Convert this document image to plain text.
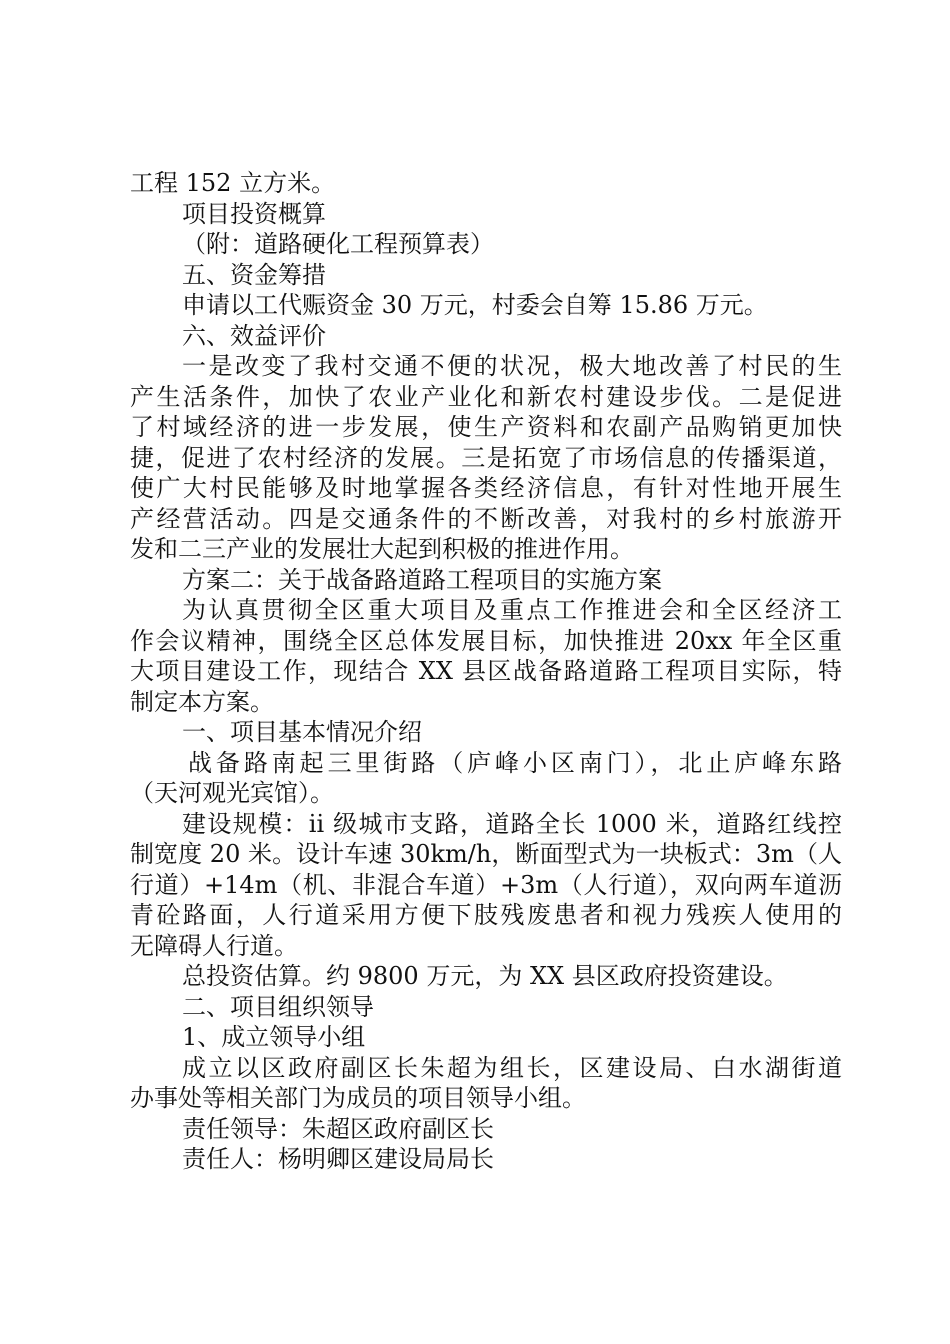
工程 152 立方米。
项目投资概算
（附：道路硬化工程预算表）
五、资金筹措
申请以工代赈资金 30 万元，村委会自筹 15.86 万元。
六、效益评价
一是改变了我村交通不便的状况，极大地改善了村民的生
产生活条件，加快了农业产业化和新农村建设步伐。二是促进
了村域经济的进一步发展，使生产资料和农副产品购销更加快
捷，促进了农村经济的发展。三是拓宽了市场信息的传播渠道，
使广大村民能够及时地掌握各类经济信息，有针对性地开展生
产经营活动。四是交通条件的不断改善，对我村的乡村旅游开
发和二三产业的发展壮大起到积极的推进作用。
方案二：关于战备路道路工程项目的实施方案
为认真贯彻全区重大项目及重点工作推进会和全区经济工
作会议精神，围绕全区总体发展目标，加快推进 20xx 年全区重
大项目建设工作，现结合 XX 县区战备路道路工程项目实际，特
制定本方案。
一、项目基本情况介绍
战备路南起三里街路（庐峰小区南门），北止庐峰东路
（天河观光宾馆）。
建设规模：ii 级城市支路，道路全长 1000 米，道路红线控
制宽度 20 米。设计车速 30km/h，断面型式为一块板式：3m（人
行道）+14m（机、非混合车道）+3m（人行道），双向两车道沥
青砼路面，人行道采用方便下肢残废患者和视力残疾人使用的
无障碍人行道。
总投资估算。约 9800 万元，为 XX 县区政府投资建设。
二、项目组织领导
1、成立领导小组
成立以区政府副区长朱超为组长，区建设局、白水湖街道
办事处等相关部门为成员的项目领导小组。
责任领导：朱超区政府副区长
责任人：杨明卿区建设局局长
